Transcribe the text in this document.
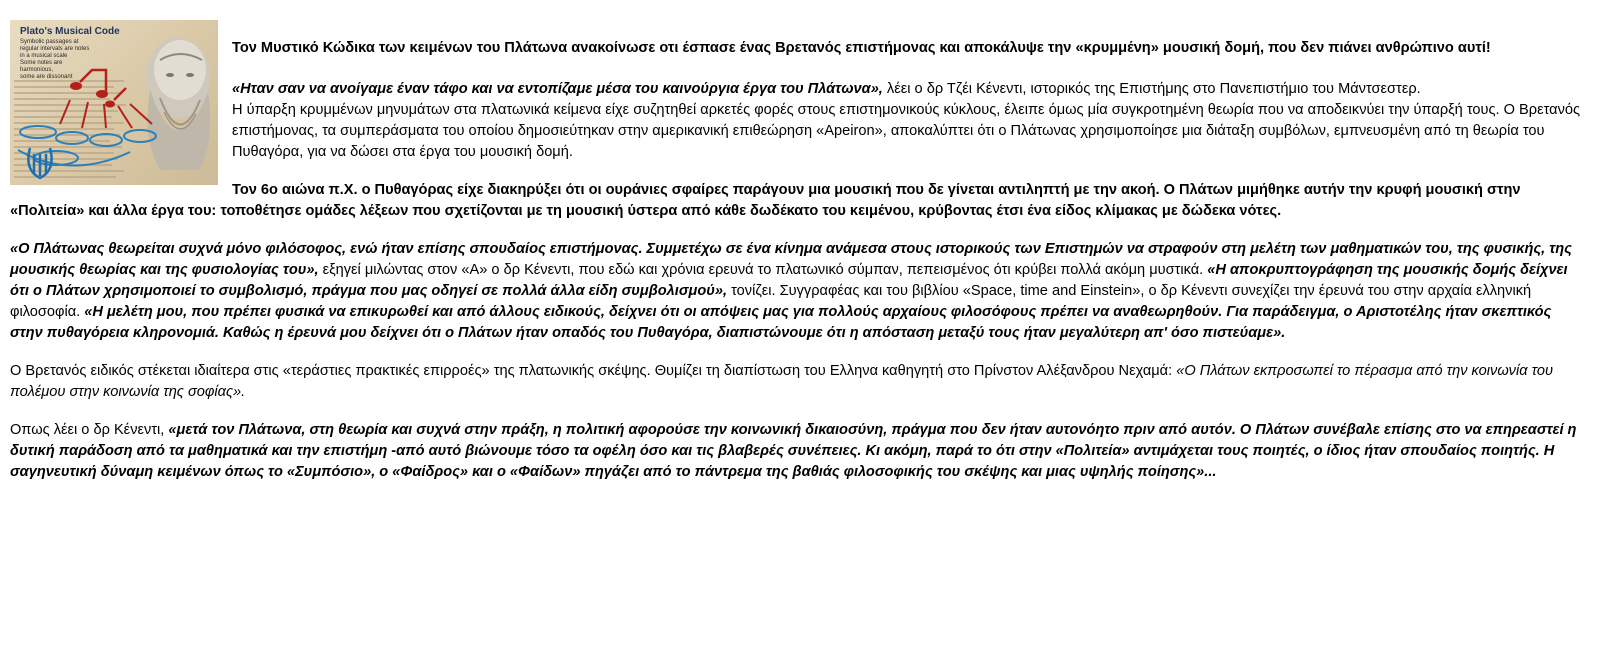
Plato's Musical Code
Symbolic passages at
regular intervals are notes
in a musical scale
Some notes are
harmonious,
some are dissonant

Τον Μυστικό Κώδικα των κειμένων του Πλάτωνα ανακοίνωσε οτι έσπασε ένας Βρετανός επιστήμονας και αποκάλυψε την «κρυμμένη» μουσική δομή, που δεν πιάνει ανθρώπινο αυτί!

«Ηταν σαν να ανοίγαμε έναν τάφο και να εντοπίζαμε μέσα του καινούργια έργα του Πλάτωνα», λέει ο δρ Τζέι Κένεντι, ιστορικός της Επιστήμης στο Πανεπιστήμιο του Μάντσεστερ.
Η ύπαρξη κρυμμένων μηνυμάτων στα πλατωνικά κείμενα είχε συζητηθεί αρκετές φορές στους επιστημονικούς κύκλους, έλειπε όμως μία συγκροτημένη θεωρία που να αποδεικνύει την ύπαρξή τους. Ο Βρετανός επιστήμονας, τα συμπεράσματα του οποίου δημοσιεύτηκαν στην αμερικανική επιθεώρηση «Apeiron», αποκαλύπτει ότι ο Πλάτωνας χρησιμοποίησε μια διάταξη συμβόλων, εμπνευσμένη από τη θεωρία του Πυθαγόρα, για να δώσει στα έργα του μουσική δομή.

Τον 6ο αιώνα π.Χ. ο Πυθαγόρας είχε διακηρύξει ότι οι ουράνιες σφαίρες παράγουν μια μουσική που δε γίνεται αντιληπτή με την ακοή. Ο Πλάτων μιμήθηκε αυτήν την κρυφή μουσική στην «Πολιτεία» και άλλα έργα του: τοποθέτησε ομάδες λέξεων που σχετίζονται με τη μουσική ύστερα από κάθε δωδέκατο του κειμένου, κρύβοντας έτσι ένα είδος κλίμακας με δώδεκα νότες.

«Ο Πλάτωνας θεωρείται συχνά μόνο φιλόσοφος, ενώ ήταν επίσης σπουδαίος επιστήμονας. Συμμετέχω σε ένα κίνημα ανάμεσα στους ιστορικούς των Επιστημών να στραφούν στη μελέτη των μαθηματικών του, της φυσικής, της μουσικής θεωρίας και της φυσιολογίας του», εξηγεί μιλώντας στον «Α» ο δρ Κένεντι, που εδώ και χρόνια ερευνά το πλατωνικό σύμπαν, πεπεισμένος ότι κρύβει πολλά ακόμη μυστικά. «Η αποκρυπτογράφηση της μουσικής δομής δείχνει ότι ο Πλάτων χρησιμοποιεί το συμβολισμό, πράγμα που μας οδηγεί σε πολλά άλλα είδη συμβολισμού», τονίζει. Συγγραφέας και του βιβλίου «Space, time and Einstein», ο δρ Κένεντι συνεχίζει την έρευνά του στην αρχαία ελληνική φιλοσοφία. «Η μελέτη μου, που πρέπει φυσικά να επικυρωθεί και από άλλους ειδικούς, δείχνει ότι οι απόψεις μας για πολλούς αρχαίους φιλοσόφους πρέπει να αναθεωρηθούν. Για παράδειγμα, ο Αριστοτέλης ήταν σκεπτικός στην πυθαγόρεια κληρονομιά. Καθώς η έρευνά μου δείχνει ότι ο Πλάτων ήταν οπαδός του Πυθαγόρα, διαπιστώνουμε ότι η απόσταση μεταξύ τους ήταν μεγαλύτερη απ' όσο πιστεύαμε».

Ο Βρετανός ειδικός στέκεται ιδιαίτερα στις «τεράστιες πρακτικές επιρροές» της πλατωνικής σκέψης. Θυμίζει τη διαπίστωση του Ελληνα καθηγητή στο Πρίνστον Αλέξανδρου Νεχαμά: «Ο Πλάτων εκπροσωπεί το πέρασμα από την κοινωνία του πολέμου στην κοινωνία της σοφίας».

Οπως λέει ο δρ Κένεντι, «μετά τον Πλάτωνα, στη θεωρία και συχνά στην πράξη, η πολιτική αφορούσε την κοινωνική δικαιοσύνη, πράγμα που δεν ήταν αυτονόητο πριν από αυτόν. Ο Πλάτων συνέβαλε επίσης στο να επηρεαστεί η δυτική παράδοση από τα μαθηματικά και την επιστήμη -από αυτό βιώνουμε τόσο τα οφέλη όσο και τις βλαβερές συνέπειες. Κι ακόμη, παρά το ότι στην «Πολιτεία» αντιμάχεται τους ποιητές, ο ίδιος ήταν σπουδαίος ποιητής. Η σαγηνευτική δύναμη κειμένων όπως το «Συμπόσιο», ο «Φαίδρος» και ο «Φαίδων» πηγάζει από το πάντρεμα της βαθιάς φιλοσοφικής του σκέψης και μιας υψηλής ποίησης»...
